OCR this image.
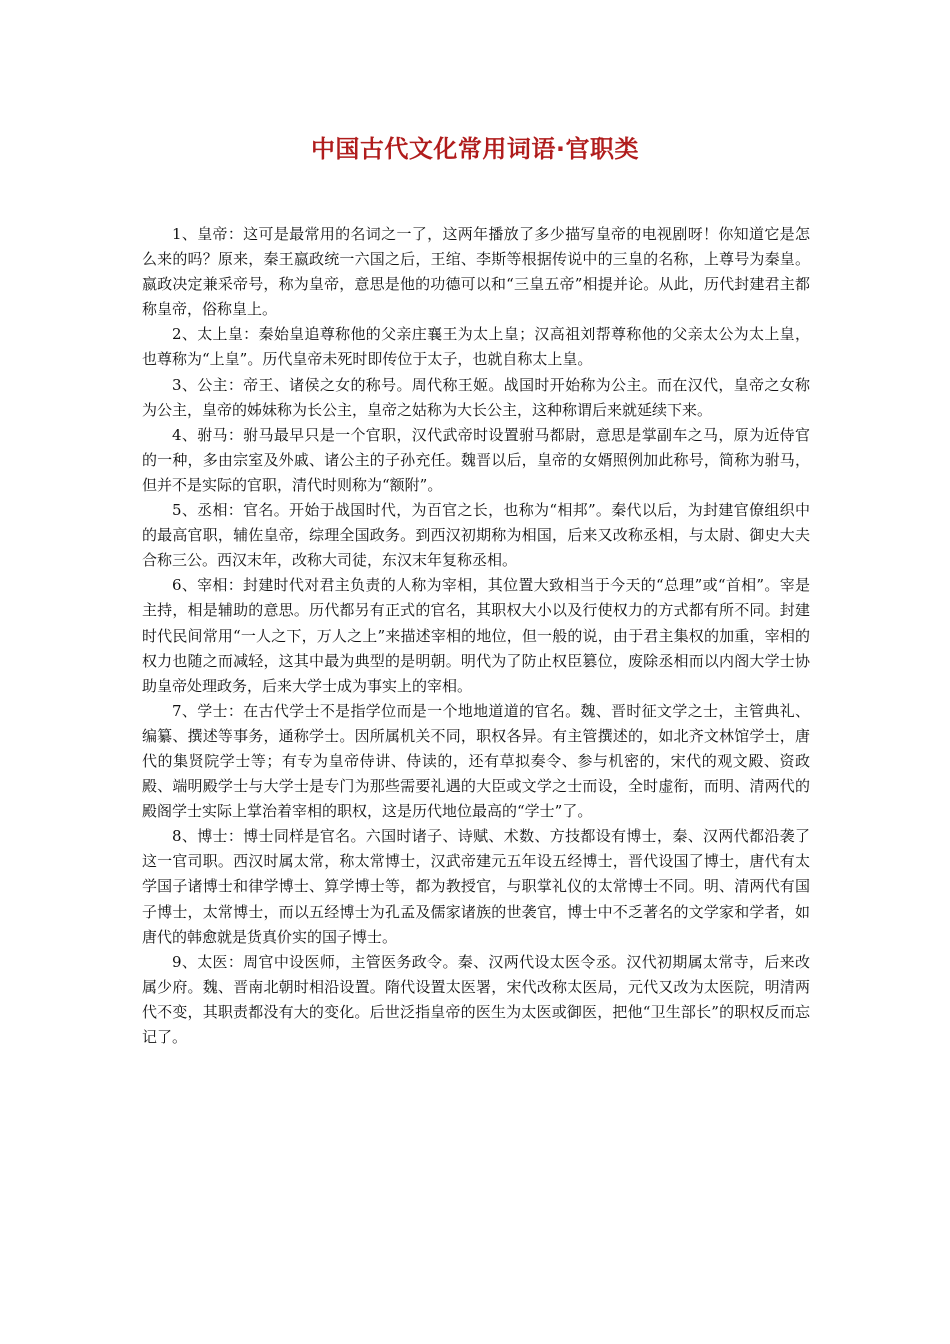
中国古代文化常用词语·官职类

1、皇帝：这可是最常用的名词之一了，这两年播放了多少描写皇帝的电视剧呀！你知道它是怎么来的吗？原来，秦王嬴政统一六国之后，王绾、李斯等根据传说中的三皇的名称，上尊号为秦皇。嬴政决定兼采帝号，称为皇帝，意思是他的功德可以和“三皇五帝”相提并论。从此，历代封建君主都称皇帝，俗称皇上。

2、太上皇：秦始皇追尊称他的父亲庄襄王为太上皇；汉高祖刘帮尊称他的父亲太公为太上皇，也尊称为“上皇”。历代皇帝未死时即传位于太子，也就自称太上皇。

3、公主：帝王、诸侯之女的称号。周代称王姬。战国时开始称为公主。而在汉代，皇帝之女称为公主，皇帝的姊妹称为长公主，皇帝之姑称为大长公主，这种称谓后来就延续下来。

4、驸马：驸马最早只是一个官职，汉代武帝时设置驸马都尉，意思是掌副车之马，原为近侍官的一种，多由宗室及外戚、诸公主的子孙充任。魏晋以后，皇帝的女婿照例加此称号，简称为驸马，但并不是实际的官职，清代时则称为“额附”。

5、丞相：官名。开始于战国时代，为百官之长，也称为“相邦”。秦代以后，为封建官僚组织中的最高官职，辅佐皇帝，综理全国政务。到西汉初期称为相国，后来又改称丞相，与太尉、御史大夫合称三公。西汉末年，改称大司徒，东汉末年复称丞相。

6、宰相：封建时代对君主负责的人称为宰相，其位置大致相当于今天的“总理”或“首相”。宰是主持，相是辅助的意思。历代都另有正式的官名，其职权大小以及行使权力的方式都有所不同。封建时代民间常用“一人之下，万人之上”来描述宰相的地位，但一般的说，由于君主集权的加重，宰相的权力也随之而减轻，这其中最为典型的是明朝。明代为了防止权臣篡位，废除丞相而以内阁大学士协助皇帝处理政务，后来大学士成为事实上的宰相。

7、学士：在古代学士不是指学位而是一个地地道道的官名。魏、晋时征文学之士，主管典礼、编纂、撰述等事务，通称学士。因所属机关不同，职权各异。有主管撰述的，如北齐文林馆学士，唐代的集贤院学士等；有专为皇帝侍讲、侍读的，还有草拟奏令、参与机密的，宋代的观文殿、资政殿、端明殿学士与大学士是专门为那些需要礼遇的大臣或文学之士而设，全时虚衔，而明、清两代的殿阁学士实际上掌治着宰相的职权，这是历代地位最高的“学士”了。

8、博士：博士同样是官名。六国时诸子、诗赋、术数、方技都设有博士，秦、汉两代都沿袭了这一官司职。西汉时属太常，称太常博士，汉武帝建元五年设五经博士，晋代设国了博士，唐代有太学国子诸博士和律学博士、算学博士等，都为教授官，与职掌礼仪的太常博士不同。明、清两代有国子博士，太常博士，而以五经博士为孔孟及儒家诸族的世袭官，博士中不乏著名的文学家和学者，如唐代的韩愈就是货真价实的国子博士。

9、太医：周官中设医师，主管医务政令。秦、汉两代设太医令丞。汉代初期属太常寺，后来改属少府。魏、晋南北朝时相沿设置。隋代设置太医署，宋代改称太医局，元代又改为太医院，明清两代不变，其职责都没有大的变化。后世泛指皇帝的医生为太医或御医，把他“卫生部长”的职权反而忘记了。
